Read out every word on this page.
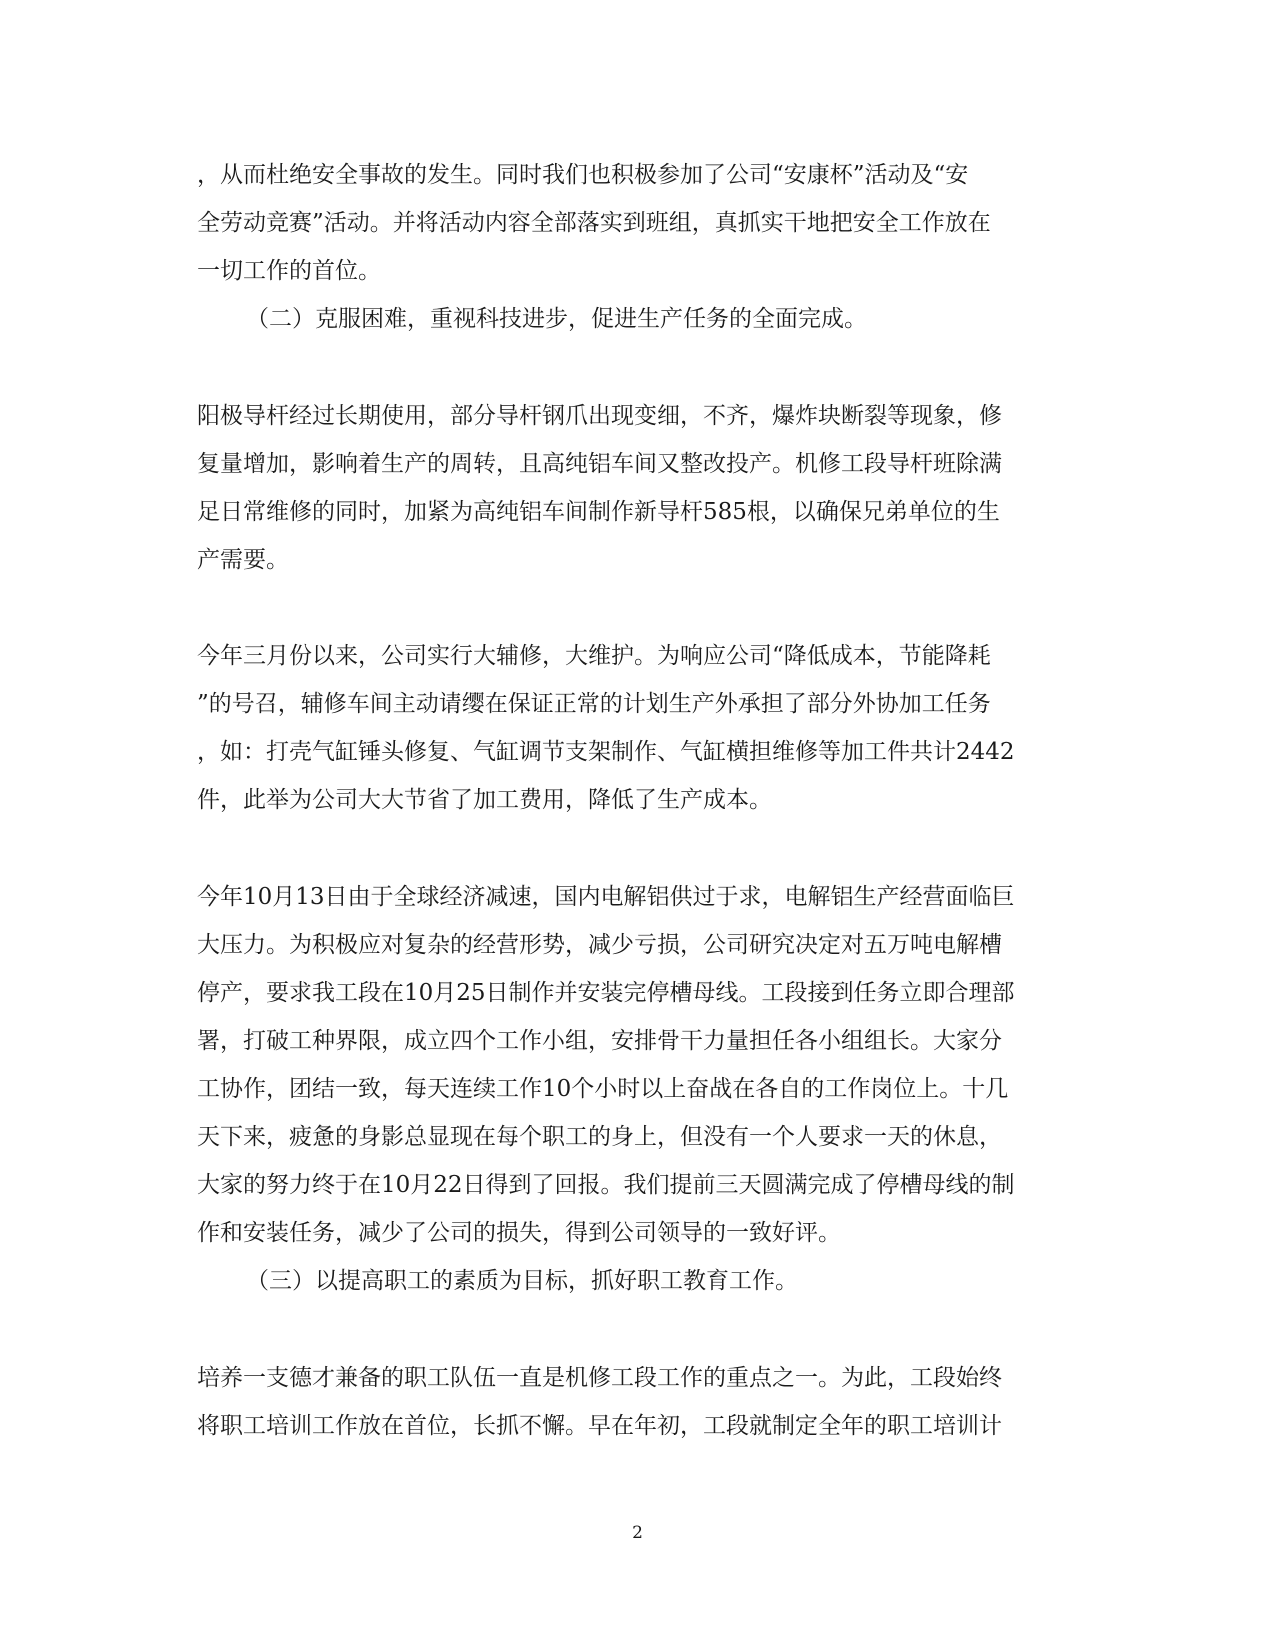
，从而杜绝安全事故的发生。同时我们也积极参加了公司“安康杯”活动及“安
全劳动竞赛”活动。并将活动内容全部落实到班组，真抓实干地把安全工作放在
一切工作的首位。
（二）克服困难，重视科技进步，促进生产任务的全面完成。
阳极导杆经过长期使用，部分导杆钢爪出现变细，不齐，爆炸块断裂等现象，修
复量增加，影响着生产的周转，且高纯铝车间又整改投产。机修工段导杆班除满
足日常维修的同时，加紧为高纯铝车间制作新导杆585根，以确保兄弟单位的生
产需要。
今年三月份以来，公司实行大辅修，大维护。为响应公司“降低成本，节能降耗
”的号召，辅修车间主动请缨在保证正常的计划生产外承担了部分外协加工任务
，如：打壳气缸锤头修复、气缸调节支架制作、气缸横担维修等加工件共计2442
件，此举为公司大大节省了加工费用，降低了生产成本。
今年10月13日由于全球经济减速，国内电解铝供过于求，电解铝生产经营面临巨
大压力。为积极应对复杂的经营形势，减少亏损，公司研究决定对五万吨电解槽
停产，要求我工段在10月25日制作并安装完停槽母线。工段接到任务立即合理部
署，打破工种界限，成立四个工作小组，安排骨干力量担任各小组组长。大家分
工协作，团结一致，每天连续工作10个小时以上奋战在各自的工作岗位上。十几
天下来，疲惫的身影总显现在每个职工的身上，但没有一个人要求一天的休息，
大家的努力终于在10月22日得到了回报。我们提前三天圆满完成了停槽母线的制
作和安装任务，减少了公司的损失，得到公司领导的一致好评。
（三）以提高职工的素质为目标，抓好职工教育工作。
培养一支德才兼备的职工队伍一直是机修工段工作的重点之一。为此，工段始终
将职工培训工作放在首位，长抓不懈。早在年初，工段就制定全年的职工培训计
2
